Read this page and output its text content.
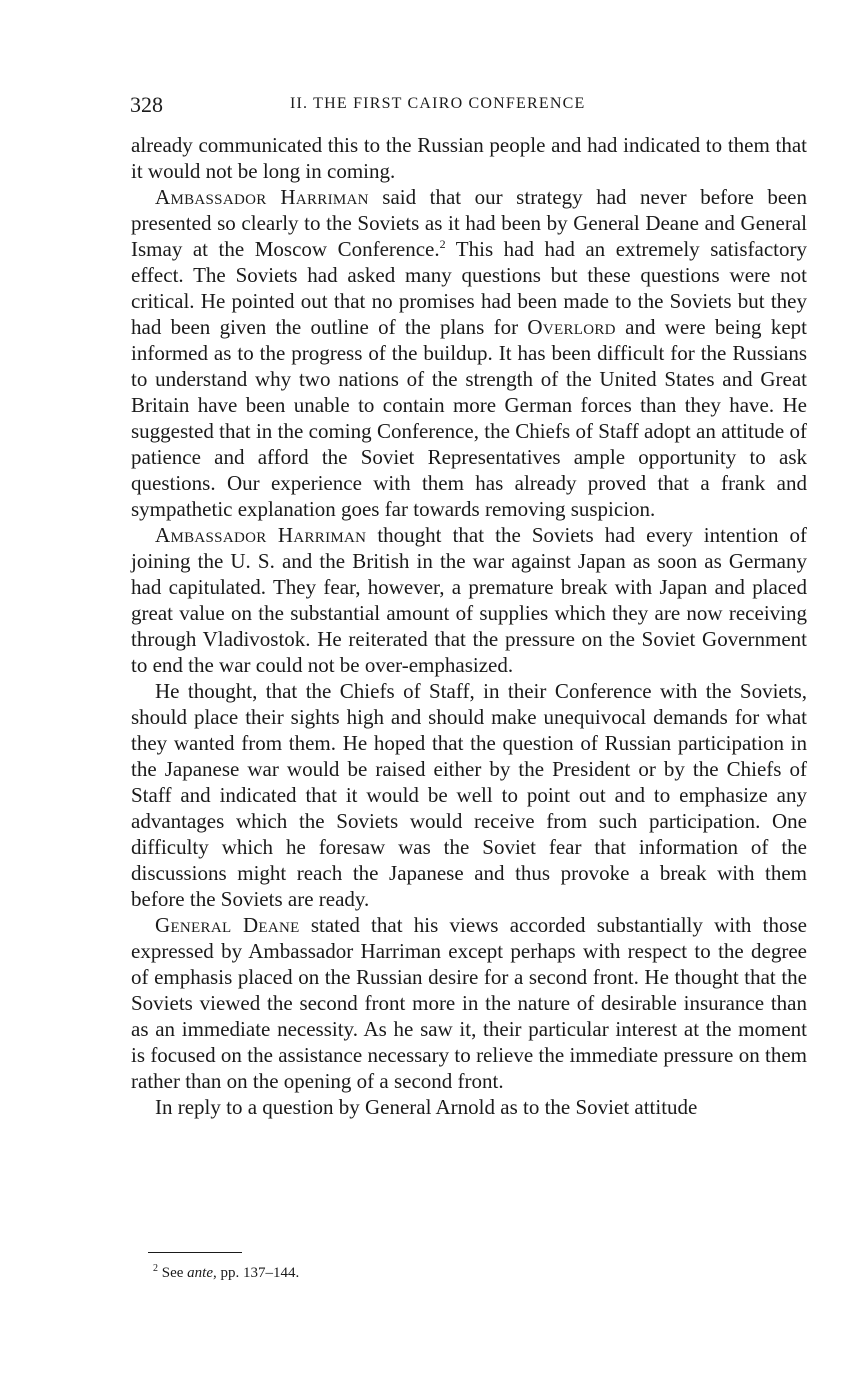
328	II. THE FIRST CAIRO CONFERENCE

already communicated this to the Russian people and had indicated to them that it would not be long in coming.

Ambassador Harriman said that our strategy had never before been presented so clearly to the Soviets as it had been by General Deane and General Ismay at the Moscow Conference.$^2$ This had had an extremely satisfactory effect. The Soviets had asked many questions but these questions were not critical. He pointed out that no promises had been made to the Soviets but they had been given the outline of the plans for Overlord and were being kept informed as to the progress of the buildup. It has been difficult for the Russians to understand why two nations of the strength of the United States and Great Britain have been unable to contain more German forces than they have. He suggested that in the coming Conference, the Chiefs of Staff adopt an attitude of patience and afford the Soviet Representatives ample opportunity to ask questions. Our experience with them has already proved that a frank and sympathetic explanation goes far towards removing suspicion.

Ambassador Harriman thought that the Soviets had every intention of joining the U. S. and the British in the war against Japan as soon as Germany had capitulated. They fear, however, a premature break with Japan and placed great value on the substantial amount of supplies which they are now receiving through Vladivostok. He reiterated that the pressure on the Soviet Government to end the war could not be over-emphasized.

He thought, that the Chiefs of Staff, in their Conference with the Soviets, should place their sights high and should make unequivocal demands for what they wanted from them. He hoped that the question of Russian participation in the Japanese war would be raised either by the President or by the Chiefs of Staff and indicated that it would be well to point out and to emphasize any advantages which the Soviets would receive from such participation. One difficulty which he foresaw was the Soviet fear that information of the discussions might reach the Japanese and thus provoke a break with them before the Soviets are ready.

General Deane stated that his views accorded substantially with those expressed by Ambassador Harriman except perhaps with respect to the degree of emphasis placed on the Russian desire for a second front. He thought that the Soviets viewed the second front more in the nature of desirable insurance than as an immediate necessity. As he saw it, their particular interest at the moment is focused on the assistance necessary to relieve the immediate pressure on them rather than on the opening of a second front.

In reply to a question by General Arnold as to the Soviet attitude

$^2$ See ante, pp. 137–144.
